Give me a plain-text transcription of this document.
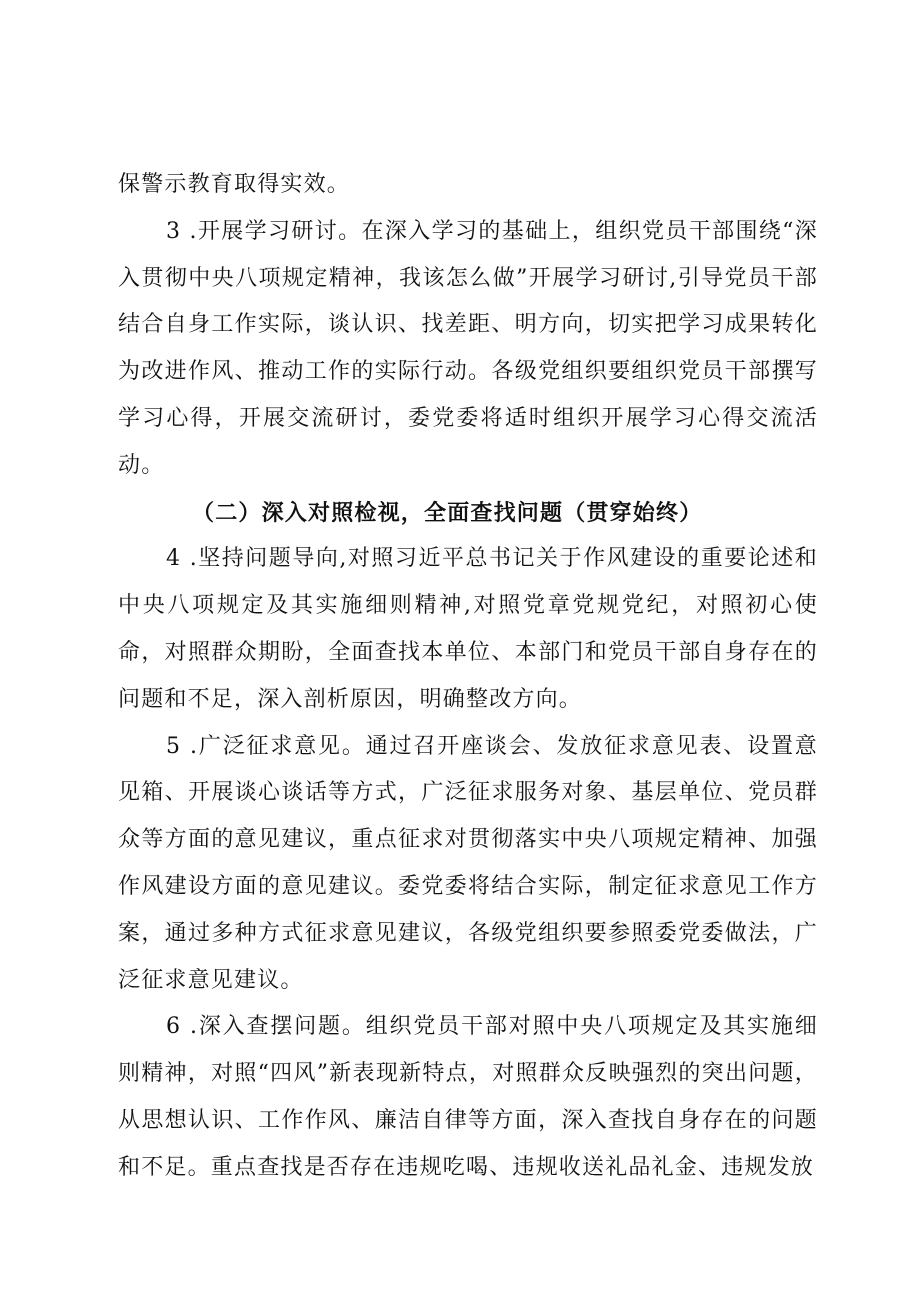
保警示教育取得实效。

3 .开展学习研讨。在深入学习的基础上，组织党员干部围绕“深入贯彻中央八项规定精神，我该怎么做”开展学习研讨,引导党员干部结合自身工作实际，谈认识、找差距、明方向，切实把学习成果转化为改进作风、推动工作的实际行动。各级党组织要组织党员干部撰写学习心得，开展交流研讨，委党委将适时组织开展学习心得交流活动。

（二）深入对照检视，全面查找问题（贯穿始终）

4 .坚持问题导向,对照习近平总书记关于作风建设的重要论述和中央八项规定及其实施细则精神,对照党章党规党纪，对照初心使命，对照群众期盼，全面查找本单位、本部门和党员干部自身存在的问题和不足，深入剖析原因，明确整改方向。

5 .广泛征求意见。通过召开座谈会、发放征求意见表、设置意见箱、开展谈心谈话等方式，广泛征求服务对象、基层单位、党员群众等方面的意见建议，重点征求对贯彻落实中央八项规定精神、加强作风建设方面的意见建议。委党委将结合实际，制定征求意见工作方案，通过多种方式征求意见建议，各级党组织要参照委党委做法，广泛征求意见建议。

6 .深入查摆问题。组织党员干部对照中央八项规定及其实施细则精神，对照“四风”新表现新特点，对照群众反映强烈的突出问题，从思想认识、工作作风、廉洁自律等方面，深入查找自身存在的问题和不足。重点查找是否存在违规吃喝、违规收送礼品礼金、违规发放
